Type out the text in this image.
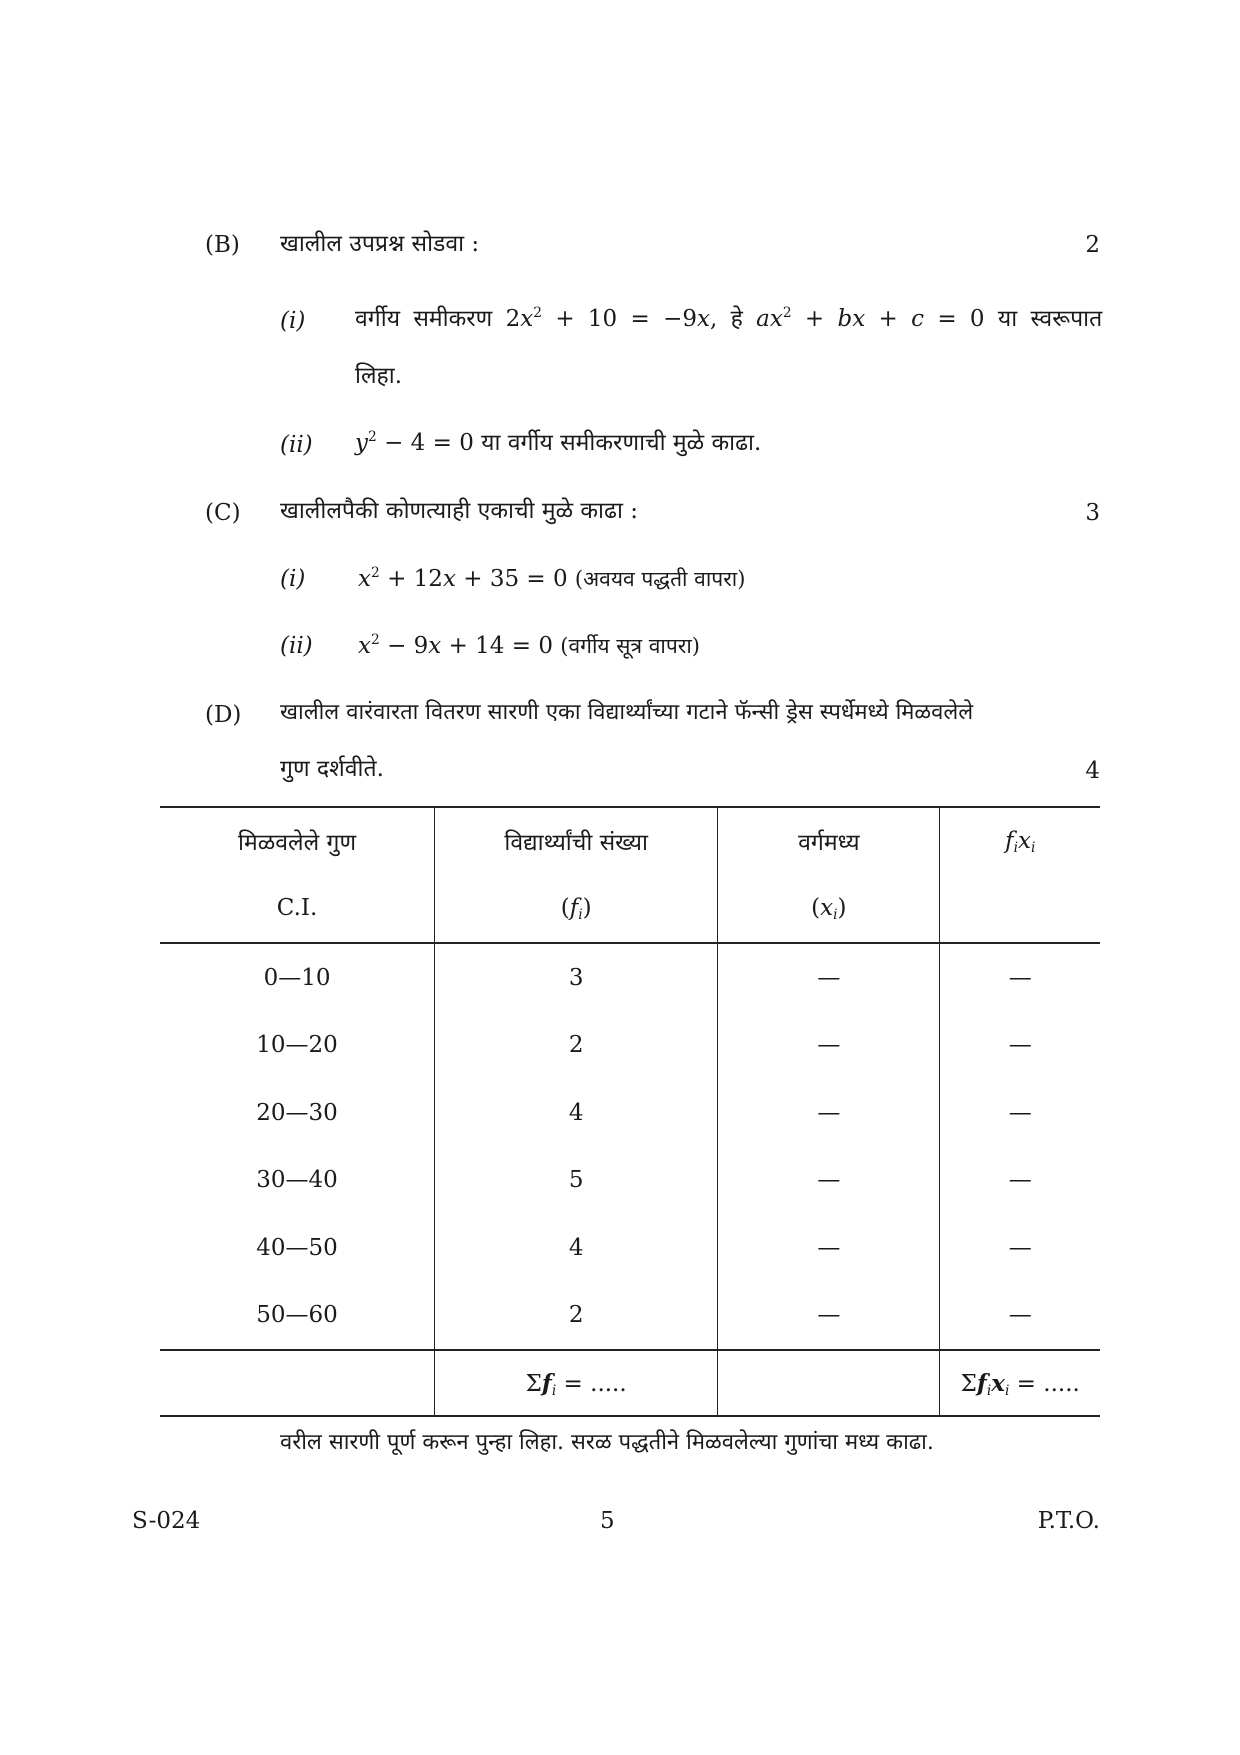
(B) खालील उपप्रश्न सोडवा :	2
(i) वर्गीय समीकरण $2x^2 + 10 = -9x$, हे $ax^2$ + bx + c = 0 या स्वरूपात
लिहा.
(ii) $y^2 - 4 = 0$ या वर्गीय समीकरणाची मुळे काढा.
(C) खालीलपैकी कोणत्याही एकाची मुळे काढा :	3
(i) $x^2 + 12x + 35 = 0$ (अवयव पद्धती वापरा)
(ii) $x^2 - 9x + 14 = 0$ (वर्गीय सूत्र वापरा)
(D) खालील वारंवारता वितरण सारणी एका विद्यार्थ्यांच्या गटाने फॅन्सी ड्रेस स्पर्धेमध्ये मिळवलेले
गुण दर्शवीते.	4
मिळवलेले गुण	विद्यार्थ्यांची संख्या	वर्गमध्य	$f_ix_i$
C.I.	$(f_i)$	$(x_i)$	
0—10	3	—	—
10—20	2	—	—
20—30	4	—	—
30—40	5	—	—
40—50	4	—	—
50—60	2	—	—
	$\Sigma f_i$ = .....		$\Sigma f_ix_i$ = .....
वरील सारणी पूर्ण करून पुन्हा लिहा. सरळ पद्धतीने मिळवलेल्या गुणांचा मध्य काढा.
S-024	5	P.T.O.
